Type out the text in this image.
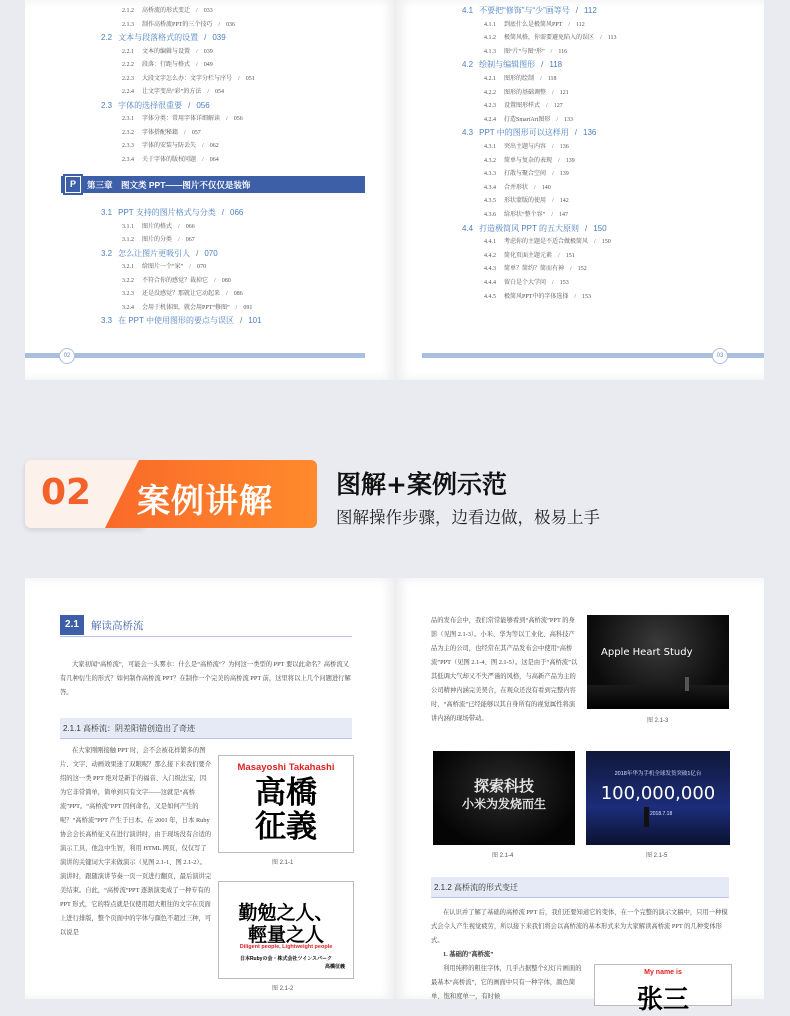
2.1.2 高桥流的形式变迁 / 033
2.1.3 制作高桥流PPT的三个技巧 / 036
2.2 文本与段落格式的设置 / 039
2.2.1 文本的编辑与设置 / 039
2.2.2 段落：行距与格式 / 049
2.2.3 大段文字怎么办：文字分栏与序号 / 051
2.2.4 让文字变出“彩”的方法 / 054
2.3 字体的选择很重要 / 056
2.3.1 字体分类：常用字体详细解读 / 056
2.3.2 字体搭配秘籍 / 057
2.3.3 字体的安装与防丢失 / 062
2.3.4 关于字体的版权问题 / 064
P	第三章 图文类 PPT——图片不仅仅是装饰
3.1 PPT 支持的图片格式与分类 / 066
3.1.1 图片的格式 / 066
3.1.2 图片的分类 / 067
3.2 怎么让图片更吸引人 / 070
3.2.1 给图片一个“家” / 070
3.2.2 不符合你的感觉？裁掉它 / 080
3.2.3 还是没感觉？那就让它动起来 / 086
3.2.4 会用于机体图，就会用PPT“修图” / 091
3.3 在 PPT 中使用图形的要点与误区 / 101
02
4.1 不要把“修饰”与“少”画等号 / 112
4.1.1 到底什么是极简风PPT / 112
4.1.2 极简风格，你需要避免陷入的误区 / 113
4.1.3 图“片”与图“形” / 116
4.2 绘制与编辑图形 / 118
4.2.1 图形的绘制 / 118
4.2.2 图形的基础调整 / 121
4.2.3 设置图形样式 / 127
4.2.4 打造SmartArt图形 / 133
4.3 PPT 中的图形可以这样用 / 136
4.3.1 突出主题与内容 / 136
4.3.2 简单与复杂的表现 / 139
4.3.3 打散与聚合空间 / 139
4.3.4 合并形状 / 140
4.3.5 形状蒙版的使用 / 142
4.3.6 给形状“整个容” / 147
4.4 打造极简风 PPT 的五大原则 / 150
4.4.1 考虑你的主题是不适合做极简风 / 150
4.4.2 简化页面主题元素 / 151
4.4.3 简单？简约？简而有神 / 152
4.4.4 留白是个大学问 / 153
4.4.5 极简风PPT中的字体选择 / 153
03
02 案例讲解	图解+案例示范
图解操作步骤，边看边做，极易上手
2.1	解读高桥流
大家初闻“高桥流”，可能会一头雾水：什么是“高桥流”？为何这一类型的 PPT 要以此命名？高桥流又有几种衍生的形式？如何制作高桥流 PPT？在制作一个完美的高桥流 PPT 前，这里将以上几个问题进行解答。
2.1.1 高桥流：阴差阳错创造出了奇迹
在大家刚刚接触 PPT 时，会不会被花样繁多的图片、文字、动画效果迷了双眼呢？那么接下来我们要介绍的这一类 PPT 绝对是新手的福音、入门级法宝，因为它非常简单，简单到只有文字——这就是“高桥流”PPT。“高桥流”PPT 因何命名，又是如何产生的呢？“高桥流”PPT 产生于日本。在 2001 年，日本 Ruby 协会会长高桥征义在进行演讲时，由于现场没有合适的演示工具，他急中生智，利用 HTML 网页，仅仅写了演讲的关键词大字来做演示（见图 2.1-1、图 2.1-2）。演讲时，跟随演讲节奏一页一页进行翻页，最后演讲完美结束。自此，“高桥流”PPT 逐渐演变成了一种专有的 PPT 形式，它的特点就是仅使用超大粗往的文字在页面上进行排版，整个页面中的字体与颜色不超过三种，可以说是
Masayoshi Takahashi
高橋
征義
图 2.1-1
勤勉之人、
輕量之人
Diligent people, Lightweight people
日本Rubyの会・株式会社ツインスパーク
高橋征義
图 2.1-2
品的发布会中，我们常常能够看到“高桥流”PPT 的身影（见图 2.1-3）。小米、华为等以工业化、高科技产品为主的公司，也经常在其产品发布会中使用“高桥流”PPT（见图 2.1-4、图 2.1-5）。这是由于“高桥流”以其低调大气却又不失严谨的风格，与高新产品为主的公司精神内涵完美契合，在观众还没有看到完整内容时，“高桥流”已经能够以其自身所有的视觉属性将演讲内涵的现场带动。
Apple Heart Study
图 2.1-3
探索科技
小米为发烧而生
图 2.1-4
2018年华为手机全球发货突破1亿台
100,000,000
2018.7.18
图 2.1-5
2.1.2 高桥流的形式变迁
在认识并了解了基础的高桥流 PPT 后，我们还要知道它的变体，在一个完整的演示文稿中，只用一种模式会令人产生视觉疲劳，所以接下来我们将会以高桥流的基本形式来为大家解读高桥流 PPT 的几种变体形式。
1. 基础的“高桥流”
利用纯粹的粗往字体，几乎占据整个幻灯片画面的最基本“高桥流”，它的画面中只有一种字体，颜色简单、饱和度单一，有时候
My name is
张三
